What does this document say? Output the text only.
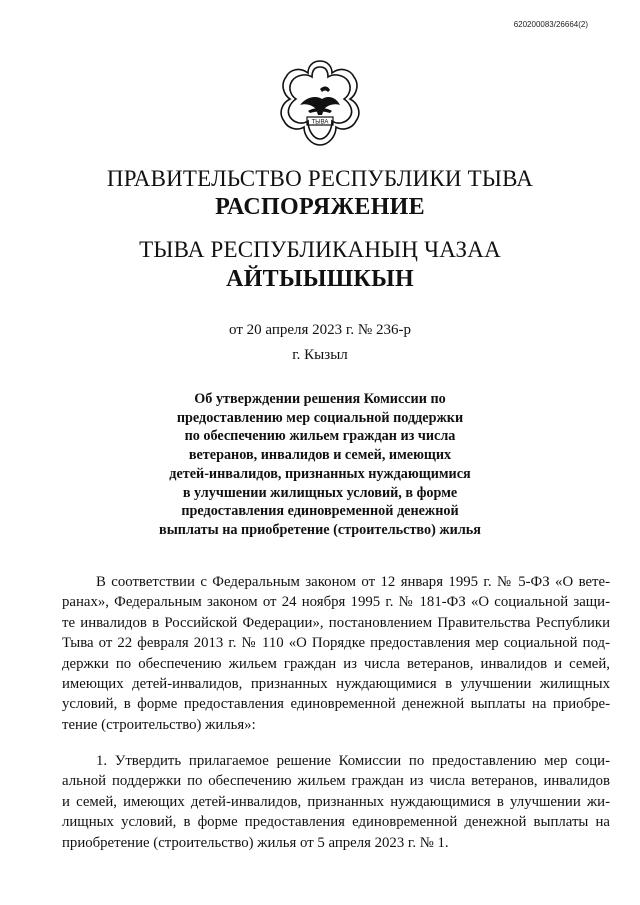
620200083/26664(2)
ТЫВА
ПРАВИТЕЛЬСТВО РЕСПУБЛИКИ ТЫВА
РАСПОРЯЖЕНИЕ
ТЫВА РЕСПУБЛИКАНЫҢ ЧАЗАА
АЙТЫЫШКЫН
от 20 апреля 2023 г. № 236-р
г. Кызыл
Об утверждении решения Комиссии по
предоставлению мер социальной поддержки
по обеспечению жильем граждан из числа
ветеранов, инвалидов и семей, имеющих
детей-инвалидов, признанных нуждающимися
в улучшении жилищных условий, в форме
предоставления единовременной денежной
выплаты на приобретение (строительство) жилья
В соответствии с Федеральным законом от 12 января 1995 г. № 5-ФЗ «О вете-
ранах», Федеральным законом от 24 ноября 1995 г. № 181-ФЗ «О социальной защи-
те инвалидов в Российской Федерации», постановлением Правительства Республики
Тыва от 22 февраля 2013 г. № 110 «О Порядке предоставления мер социальной под-
держки по обеспечению жильем граждан из числа ветеранов, инвалидов и семей,
имеющих детей-инвалидов, признанных нуждающимися в улучшении жилищных
условий, в форме предоставления единовременной денежной выплаты на приобре-
тение (строительство) жилья»:
1. Утвердить прилагаемое решение Комиссии по предоставлению мер соци-
альной поддержки по обеспечению жильем граждан из числа ветеранов, инвалидов
и семей, имеющих детей-инвалидов, признанных нуждающимися в улучшении жи-
лищных условий, в форме предоставления единовременной денежной выплаты на
приобретение (строительство) жилья от 5 апреля 2023 г. № 1.
